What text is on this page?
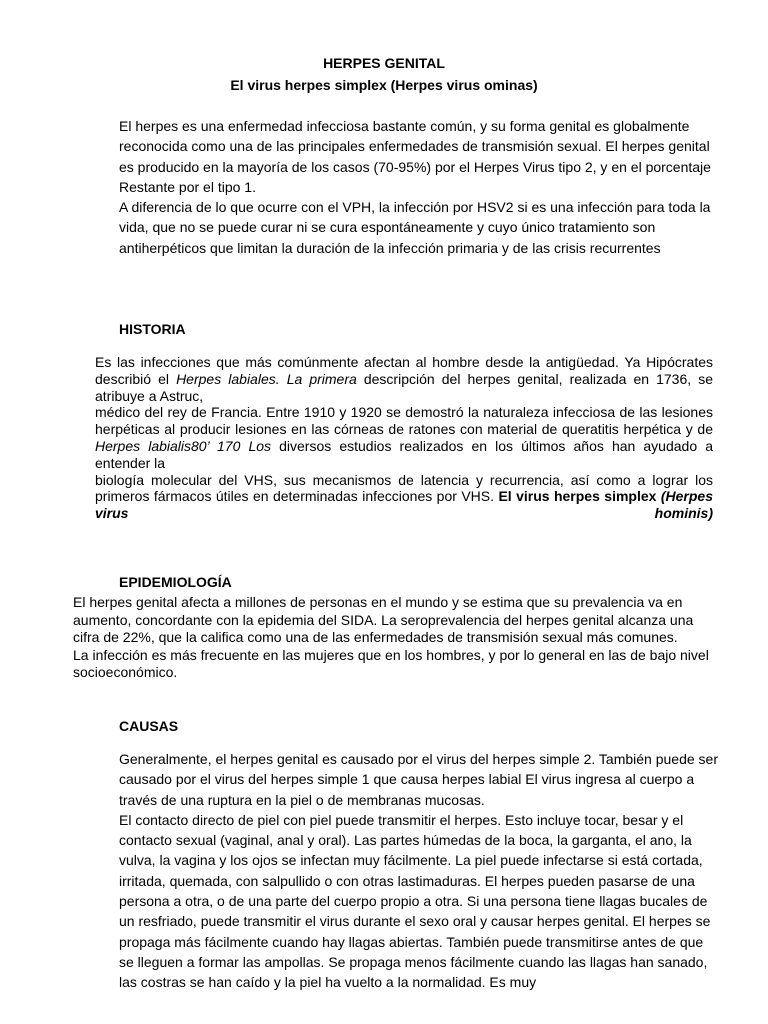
HERPES GENITAL
El virus herpes simplex (Herpes virus ominas)

El herpes es una enfermedad infecciosa bastante común, y su forma genital es globalmente reconocida como una de las principales enfermedades de transmisión sexual. El herpes genital es producido en la mayoría de los casos (70-95%) por el Herpes Virus tipo 2, y en el porcentaje

Restante por el tipo 1.

A diferencia de lo que ocurre con el VPH, la infección por HSV2 si es una infección para toda la vida, que no se puede curar ni se cura espontáneamente y cuyo único tratamiento son antiherpéticos que limitan la duración de la infección primaria y de las crisis recurrentes

HISTORIA

Es las infecciones que más comúnmente afectan al hombre desde la antigüedad. Ya Hipócrates describió el Herpes labiales. La primera descripción del herpes genital, realizada en 1736, se atribuye a Astruc,

médico del rey de Francia. Entre 1910 y 1920 se demostró la naturaleza infecciosa de las lesiones herpéticas al producir lesiones en las córneas de ratones con material de queratitis herpética y de Herpes labialis80’ 170 Los diversos estudios realizados en los últimos años han ayudado a entender la

biología molecular del VHS, sus mecanismos de latencia y recurrencia, así como a lograr los primeros fármacos útiles en determinadas infecciones por VHS. El virus herpes simplex (Herpes virus hominis)

EPIDEMIOLOGÍA

El herpes genital afecta a millones de personas en el mundo y se estima que su prevalencia va en aumento, concordante con la epidemia del SIDA. La seroprevalencia del herpes genital alcanza una cifra de 22%, que la califica como una de las enfermedades de transmisión sexual más comunes.

La infección es más frecuente en las mujeres que en los hombres, y por lo general en las de bajo nivel socioeconómico.

CAUSAS

Generalmente, el herpes genital es causado por el virus del herpes simple 2. También puede ser causado por el virus del herpes simple 1 que causa herpes labial El virus ingresa al cuerpo a través de una ruptura en la piel o de membranas mucosas.

El contacto directo de piel con piel puede transmitir el herpes. Esto incluye tocar, besar y el contacto sexual (vaginal, anal y oral). Las partes húmedas de la boca, la garganta, el ano, la vulva, la vagina y los ojos se infectan muy fácilmente. La piel puede infectarse si está cortada, irritada, quemada, con salpullido o con otras lastimaduras. El herpes pueden pasarse de una persona a otra, o de una parte del cuerpo propio a otra. Si una persona tiene llagas bucales de un resfriado, puede transmitir el virus durante el sexo oral y causar herpes genital. El herpes se propaga más fácilmente cuando hay llagas abiertas. También puede transmitirse antes de que se lleguen a formar las ampollas. Se propaga menos fácilmente cuando las llagas han sanado, las costras se han caído y la piel ha vuelto a la normalidad. Es muy
